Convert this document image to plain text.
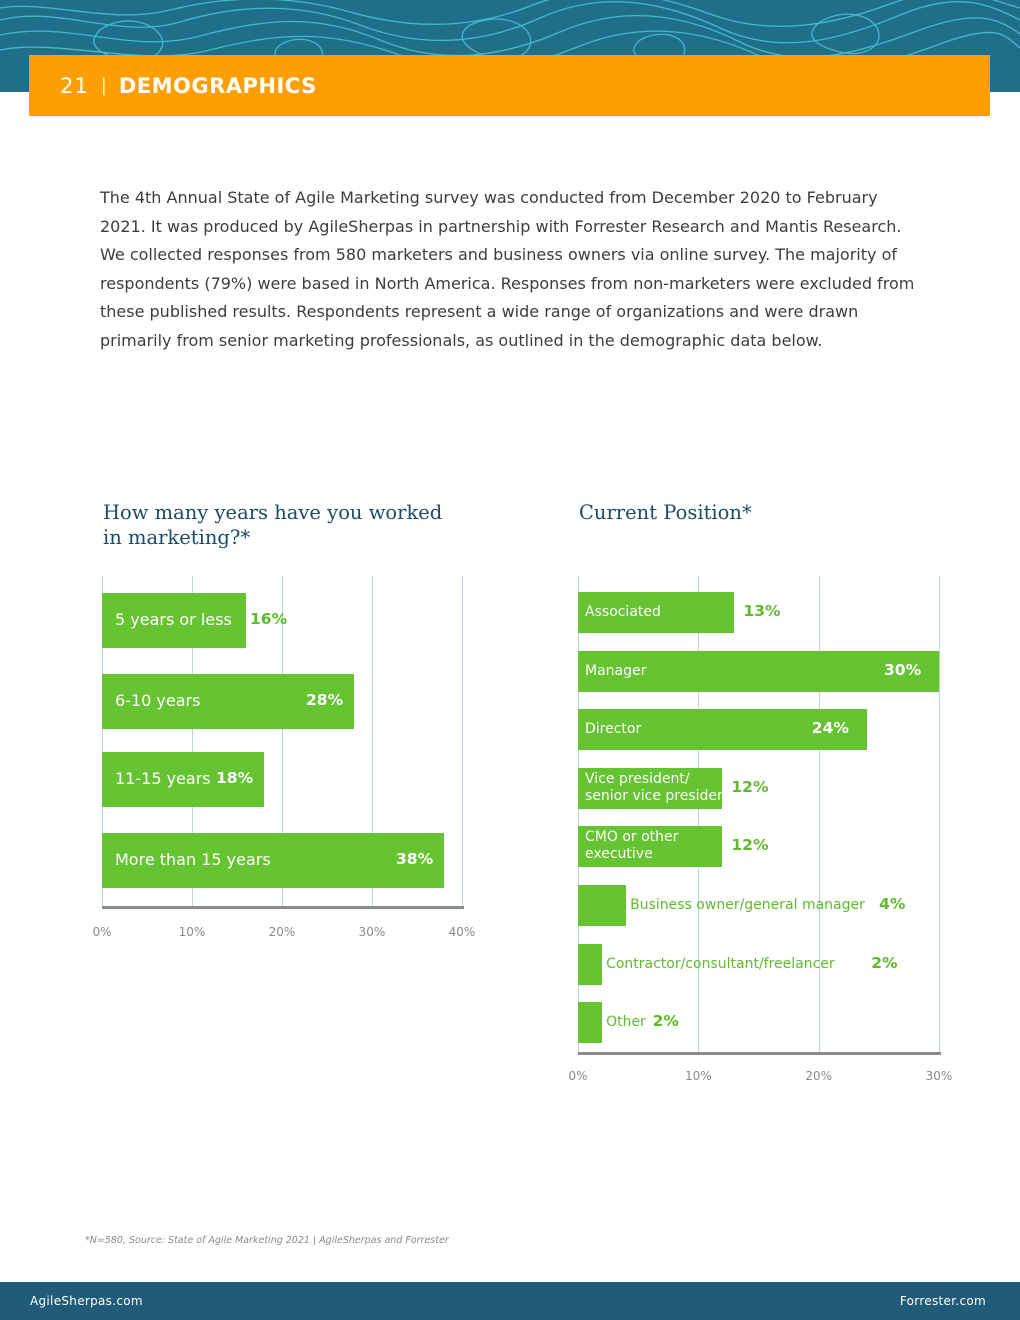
21 | DEMOGRAPHICS

The 4th Annual State of Agile Marketing survey was conducted from December 2020 to February 2021. It was produced by AgileSherpas in partnership with Forrester Research and Mantis Research. We collected responses from 580 marketers and business owners via online survey. The majority of respondents (79%) were based in North America. Responses from non-marketers were excluded from these published results. Respondents represent a wide range of organizations and were drawn primarily from senior marketing professionals, as outlined in the demographic data below.

How many years have you worked in marketing?*
0%	10%	20%	30%	40%
5 years or less 16%
6-10 years	28%
11-15 years 18%
More than 15 years	38%
Current Position*
0%	10%	20%	30%
Associated	13%
Manager	30%
Director	24%
Vice president/
senior vice president 12%
CMO or other
executive	12%
Business owner/general manager 4%
Contractor/consultant/freelancer 2%
Other 2%
*N=580, Source: State of Agile Marketing 2021 | AgileSherpas and Forrester
AgileSherpas.com	Forrester.com
